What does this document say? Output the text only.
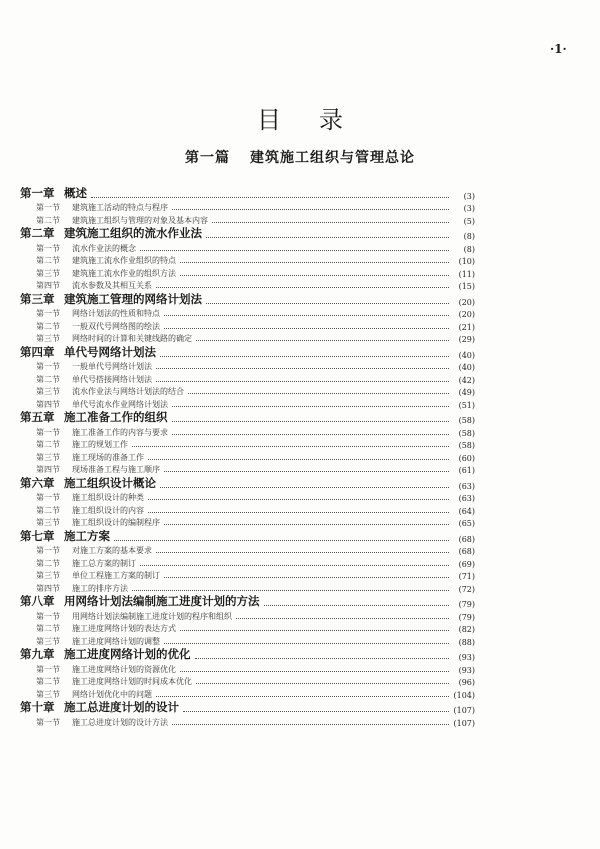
·1·
目录
第一篇 建筑施工组织与管理总论
第一章 概述	(3)
第一节	建筑施工活动的特点与程序	(3)
第二节	建筑施工组织与管理的对象及基本内容	(5)
第二章 建筑施工组织的流水作业法	(8)
第一节	流水作业法的概念	(8)
第二节	建筑施工流水作业组织的特点	(10)
第三节	建筑施工流水作业的组织方法	(11)
第四节	流水参数及其相互关系	(15)
第三章 建筑施工管理的网络计划法	(20)
第一节	网络计划法的性质和特点	(20)
第二节	一般双代号网络图的绘法	(21)
第三节	网络时间的计算和关键线路的确定	(29)
第四章 单代号网络计划法	(40)
第一节	一般单代号网络计划法	(40)
第二节	单代号搭接网络计划法	(42)
第三节	流水作业法与网络计划法的结合	(49)
第四节	单代号流水作业网络计划法	(51)
第五章 施工准备工作的组织	(58)
第一节	施工准备工作的内容与要求	(58)
第二节	施工的规划工作	(58)
第三节	施工现场的准备工作	(60)
第四节	现场准备工程与施工顺序	(61)
第六章 施工组织设计概论	(63)
第一节	施工组织设计的种类	(63)
第二节	施工组织设计的内容	(64)
第三节	施工组织设计的编制程序	(65)
第七章 施工方案	(68)
第一节	对施工方案的基本要求	(68)
第二节	施工总方案的制订	(69)
第三节	单位工程施工方案的制订	(71)
第四节	施工的排序方法	(72)
第八章 用网络计划法编制施工进度计划的方法	(79)
第一节	用网络计划法编制施工进度计划的程序和组织	(79)
第二节	施工进度网络计划的表达方式	(82)
第三节	施工进度网络计划的调整	(88)
第九章 施工进度网络计划的优化	(93)
第一节	施工进度网络计划的资源优化	(93)
第二节	施工进度网络计划的时间成本优化	(96)
第三节	网络计划优化中的问题	(104)
第十章 施工总进度计划的设计	(107)
第一节	施工总进度计划的设计方法	(107)
